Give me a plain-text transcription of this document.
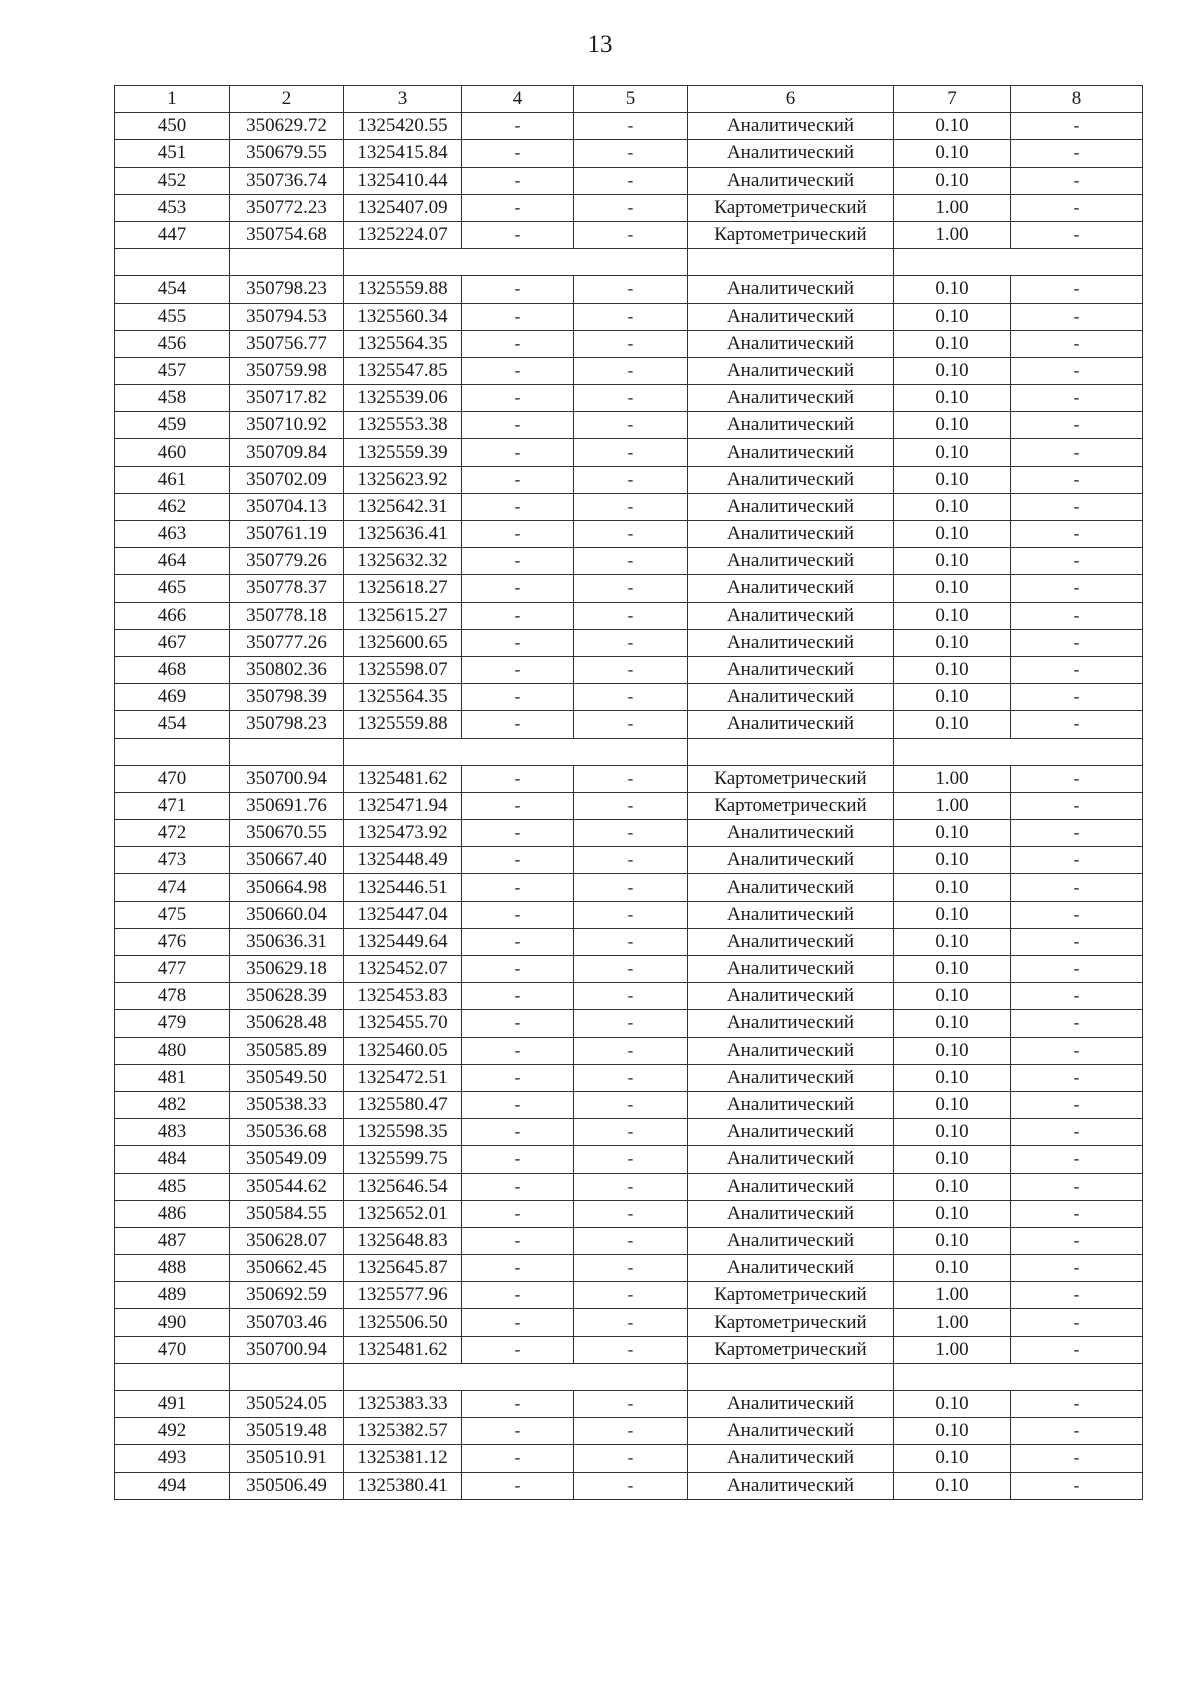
13
1	2	3	4	5	6	7	8
450	350629.72	1325420.55	-	-	Аналитический	0.10	-
451	350679.55	1325415.84	-	-	Аналитический	0.10	-
452	350736.74	1325410.44	-	-	Аналитический	0.10	-
453	350772.23	1325407.09	-	-	Картометрический	1.00	-
447	350754.68	1325224.07	-	-	Картометрический	1.00	-

454	350798.23	1325559.88	-	-	Аналитический	0.10	-
455	350794.53	1325560.34	-	-	Аналитический	0.10	-
456	350756.77	1325564.35	-	-	Аналитический	0.10	-
457	350759.98	1325547.85	-	-	Аналитический	0.10	-
458	350717.82	1325539.06	-	-	Аналитический	0.10	-
459	350710.92	1325553.38	-	-	Аналитический	0.10	-
460	350709.84	1325559.39	-	-	Аналитический	0.10	-
461	350702.09	1325623.92	-	-	Аналитический	0.10	-
462	350704.13	1325642.31	-	-	Аналитический	0.10	-
463	350761.19	1325636.41	-	-	Аналитический	0.10	-
464	350779.26	1325632.32	-	-	Аналитический	0.10	-
465	350778.37	1325618.27	-	-	Аналитический	0.10	-
466	350778.18	1325615.27	-	-	Аналитический	0.10	-
467	350777.26	1325600.65	-	-	Аналитический	0.10	-
468	350802.36	1325598.07	-	-	Аналитический	0.10	-
469	350798.39	1325564.35	-	-	Аналитический	0.10	-
454	350798.23	1325559.88	-	-	Аналитический	0.10	-

470	350700.94	1325481.62	-	-	Картометрический	1.00	-
471	350691.76	1325471.94	-	-	Картометрический	1.00	-
472	350670.55	1325473.92	-	-	Аналитический	0.10	-
473	350667.40	1325448.49	-	-	Аналитический	0.10	-
474	350664.98	1325446.51	-	-	Аналитический	0.10	-
475	350660.04	1325447.04	-	-	Аналитический	0.10	-
476	350636.31	1325449.64	-	-	Аналитический	0.10	-
477	350629.18	1325452.07	-	-	Аналитический	0.10	-
478	350628.39	1325453.83	-	-	Аналитический	0.10	-
479	350628.48	1325455.70	-	-	Аналитический	0.10	-
480	350585.89	1325460.05	-	-	Аналитический	0.10	-
481	350549.50	1325472.51	-	-	Аналитический	0.10	-
482	350538.33	1325580.47	-	-	Аналитический	0.10	-
483	350536.68	1325598.35	-	-	Аналитический	0.10	-
484	350549.09	1325599.75	-	-	Аналитический	0.10	-
485	350544.62	1325646.54	-	-	Аналитический	0.10	-
486	350584.55	1325652.01	-	-	Аналитический	0.10	-
487	350628.07	1325648.83	-	-	Аналитический	0.10	-
488	350662.45	1325645.87	-	-	Аналитический	0.10	-
489	350692.59	1325577.96	-	-	Картометрический	1.00	-
490	350703.46	1325506.50	-	-	Картометрический	1.00	-
470	350700.94	1325481.62	-	-	Картометрический	1.00	-

491	350524.05	1325383.33	-	-	Аналитический	0.10	-
492	350519.48	1325382.57	-	-	Аналитический	0.10	-
493	350510.91	1325381.12	-	-	Аналитический	0.10	-
494	350506.49	1325380.41	-	-	Аналитический	0.10	-
